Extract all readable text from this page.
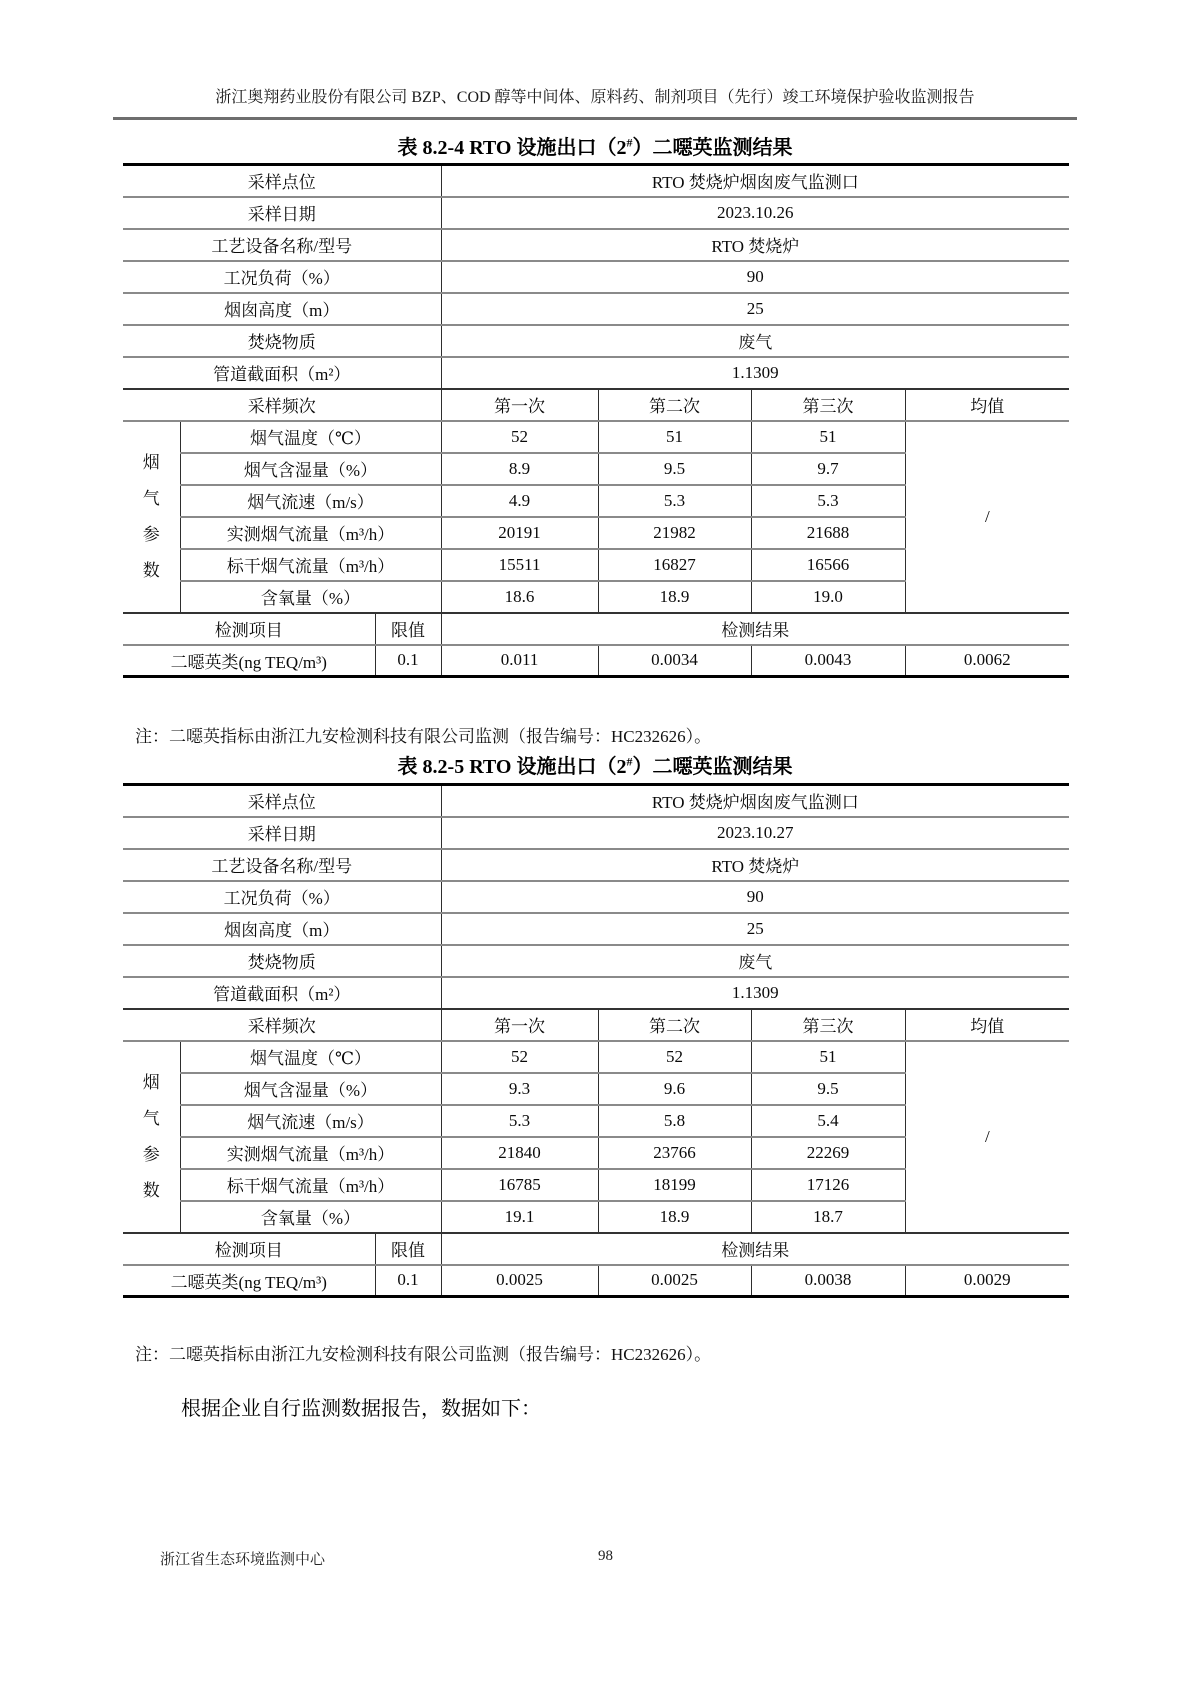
浙江奥翔药业股份有限公司 BZP、COD 醇等中间体、原料药、制剂项目（先行）竣工环境保护验收监测报告
表 8.2-4 RTO 设施出口（2#）二噁英监测结果
采样点位			RTO 焚烧炉烟囱废气监测口			
采样日期			2023.10.26			
工艺设备名称/型号			RTO 焚烧炉			
工况负荷（%）			90			
烟囱高度（m）			25			
焚烧物质			废气			
管道截面积（m²）			1.1309			
采样频次			第一次	第二次	第三次	均值

烟
气
参
数	烟气温度（℃）		52	51	51	/
	烟气含湿量（%）		8.9	9.5	9.7	
	烟气流速（m/s）		4.9	5.3	5.3	
	实测烟气流量（m³/h）		20191	21982	21688	
	标干烟气流量（m³/h）		15511	16827	16566	
	含氧量（%）		18.6	18.9	19.0	
检测项目		限值	检测结果			
二噁英类(ng TEQ/m³)		0.1	0.011	0.0034	0.0043	0.0062
注：二噁英指标由浙江九安检测科技有限公司监测（报告编号：HC232626）。
表 8.2-5 RTO 设施出口（2#）二噁英监测结果
采样点位			RTO 焚烧炉烟囱废气监测口			
采样日期			2023.10.27			
工艺设备名称/型号			RTO 焚烧炉			
工况负荷（%）			90			
烟囱高度（m）			25			
焚烧物质			废气			
管道截面积（m²）			1.1309			
采样频次			第一次	第二次	第三次	均值

烟
气
参
数	烟气温度（℃）		52	52	51	/
	烟气含湿量（%）		9.3	9.6	9.5	
	烟气流速（m/s）		5.3	5.8	5.4	
	实测烟气流量（m³/h）		21840	23766	22269	
	标干烟气流量（m³/h）		16785	18199	17126	
	含氧量（%）		19.1	18.9	18.7	
检测项目		限值	检测结果			
二噁英类(ng TEQ/m³)		0.1	0.0025	0.0025	0.0038	0.0029
注：二噁英指标由浙江九安检测科技有限公司监测（报告编号：HC232626）。
根据企业自行监测数据报告，数据如下：
浙江省生态环境监测中心	98
